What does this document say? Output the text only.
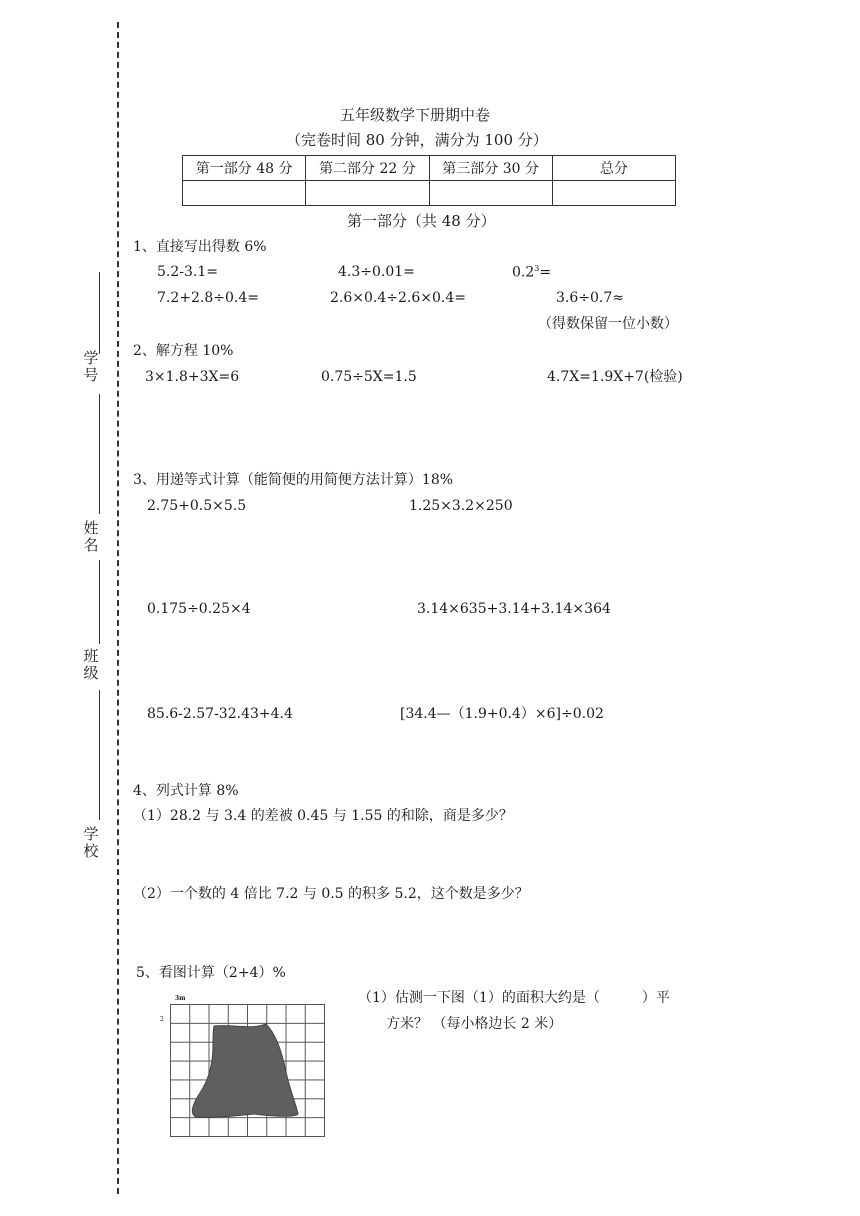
学号
姓名
班级
学校
五年级数学下册期中卷
（完卷时间 80 分钟，满分为 100 分）
第一部分 48 分	第二部分 22 分	第三部分 30 分	总分

第一部分（共 48 分）
1、直接写出得数 6%
5.2-3.1=	4.3÷0.01=	$0.2^3=$
7.2+2.8÷0.4=	2.6×0.4÷2.6×0.4=	3.6÷0.7≈
（得数保留一位小数）
2、解方程 10%
3×1.8+3X=6	0.75÷5X=1.5	4.7X=1.9X+7(检验)
3、用递等式计算（能简便的用简便方法计算）18%
2.75+0.5×5.5	1.25×3.2×250
0.175÷0.25×4	3.14×635+3.14+3.14×364
85.6-2.57-32.43+4.4	[34.4—（1.9+0.4）×6]÷0.02
4、列式计算 8%
（1）28.2 与 3.4 的差被 0.45 与 1.55 的和除，商是多少？
（2）一个数的 4 倍比 7.2 与 0.5 的积多 5.2，这个数是多少？
5、看图计算（2+4）%
（1）估测一下图（1）的面积大约是（　　　）平
方米？ （每小格边长 2 米）
3m
2
